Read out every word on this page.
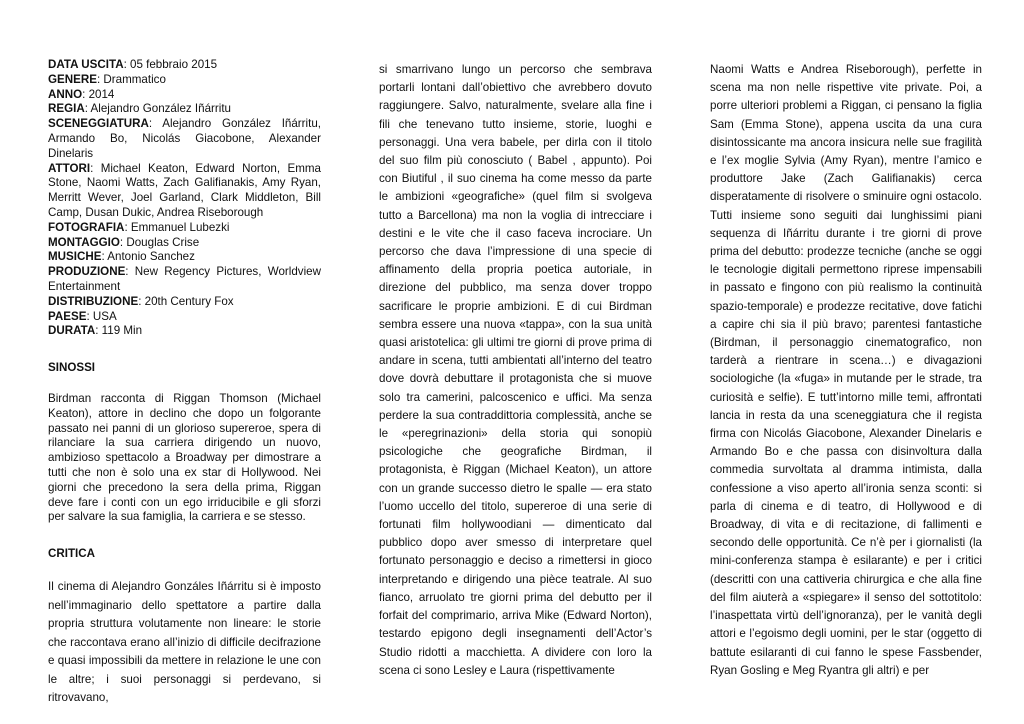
DATA USCITA: 05 febbraio 2015
GENERE: Drammatico
ANNO: 2014
REGIA: Alejandro González Iñárritu
SCENEGGIATURA: Alejandro González Iñárritu, Armando Bo, Nicolás Giacobone, Alexander Dinelaris
ATTORI: Michael Keaton, Edward Norton, Emma Stone, Naomi Watts, Zach Galifianakis, Amy Ryan, Merritt Wever, Joel Garland, Clark Middleton, Bill Camp, Dusan Dukic, Andrea Riseborough
FOTOGRAFIA: Emmanuel Lubezki
MONTAGGIO: Douglas Crise
MUSICHE: Antonio Sanchez
PRODUZIONE: New Regency Pictures, Worldview Entertainment
DISTRIBUZIONE: 20th Century Fox
PAESE: USA
DURATA: 119 Min
SINOSSI

Birdman racconta di Riggan Thomson (Michael Keaton), attore in declino che dopo un folgorante passato nei panni di un glorioso supereroe, spera di rilanciare la sua carriera dirigendo un nuovo, ambizioso spettacolo a Broadway per dimostrare a tutti che non è solo una ex star di Hollywood. Nei giorni che precedono la sera della prima, Riggan deve fare i conti con un ego irriducibile e gli sforzi per salvare la sua famiglia, la carriera e se stesso.

CRITICA

Il cinema di Alejandro Gonzáles Iñárritu si è imposto nell’immaginario dello spettatore a partire dalla propria struttura volutamente non lineare: le storie che raccontava erano all’inizio di difficile decifrazione e quasi impossibili da mettere in relazione le une con le altre; i suoi personaggi si perdevano, si ritrovavano,

si smarrivano lungo un percorso che sembrava portarli lontani dall’obiettivo che avrebbero dovuto raggiungere. Salvo, naturalmente, svelare alla fine i fili che tenevano tutto insieme, storie, luoghi e personaggi. Una vera babele, per dirla con il titolo del suo film più conosciuto ( Babel , appunto). Poi con Biutiful , il suo cinema ha come messo da parte le ambizioni «geografiche» (quel film si svolgeva tutto a Barcellona) ma non la voglia di intrecciare i destini e le vite che il caso faceva incrociare. Un percorso che dava l’impressione di una specie di affinamento della propria poetica autoriale, in direzione del pubblico, ma senza dover troppo sacrificare le proprie ambizioni. E di cui Birdman sembra essere una nuova «tappa», con la sua unità quasi aristotelica: gli ultimi tre giorni di prove prima di andare in scena, tutti ambientati all’interno del teatro dove dovrà debuttare il protagonista che si muove solo tra camerini, palcoscenico e uffici. Ma senza perdere la sua contraddittoria complessità, anche se le «peregrinazioni» della storia qui sonopiù psicologiche che geografiche Birdman, il protagonista, è Riggan (Michael Keaton), un attore con un grande successo dietro le spalle — era stato l’uomo uccello del titolo, supereroe di una serie di fortunati film hollywoodiani — dimenticato dal pubblico dopo aver smesso di interpretare quel fortunato personaggio e deciso a rimettersi in gioco interpretando e dirigendo una pièce teatrale. Al suo fianco, arruolato tre giorni prima del debutto per il forfait del comprimario, arriva Mike (Edward Norton), testardo epigono degli insegnamenti dell’Actor’s Studio ridotti a macchietta. A dividere con loro la scena ci sono Lesley e Laura (rispettivamente

Naomi Watts e Andrea Riseborough), perfette in scena ma non nelle rispettive vite private. Poi, a porre ulteriori problemi a Riggan, ci pensano la figlia Sam (Emma Stone), appena uscita da una cura disintossicante ma ancora insicura nelle sue fragilità e l’ex moglie Sylvia (Amy Ryan), mentre l’amico e produttore Jake (Zach Galifianakis) cerca disperatamente di risolvere o sminuire ogni ostacolo. Tutti insieme sono seguiti dai lunghissimi piani sequenza di Iñárritu durante i tre giorni di prove prima del debutto: prodezze tecniche (anche se oggi le tecnologie digitali permettono riprese impensabili in passato e fingono con più realismo la continuità spazio-temporale) e prodezze recitative, dove fatichi a capire chi sia il più bravo; parentesi fantastiche (Birdman, il personaggio cinematografico, non tarderà a rientrare in scena…) e divagazioni sociologiche (la «fuga» in mutande per le strade, tra curiosità e selfie). E tutt’intorno mille temi, affrontati lancia in resta da una sceneggiatura che il regista firma con Nicolás Giacobone, Alexander Dinelaris e Armando Bo e che passa con disinvoltura dalla commedia survoltata al dramma intimista, dalla confessione a viso aperto all’ironia senza sconti: si parla di cinema e di teatro, di Hollywood e di Broadway, di vita e di recitazione, di fallimenti e secondo delle opportunità. Ce n’è per i giornalisti (la mini-conferenza stampa è esilarante) e per i critici (descritti con una cattiveria chirurgica e che alla fine del film aiuterà a «spiegare» il senso del sottotitolo: l’inaspettata virtù dell’ignoranza), per le vanità degli attori e l’egoismo degli uomini, per le star (oggetto di battute esilaranti di cui fanno le spese Fassbender, Ryan Gosling e Meg Ryantra gli altri) e per
